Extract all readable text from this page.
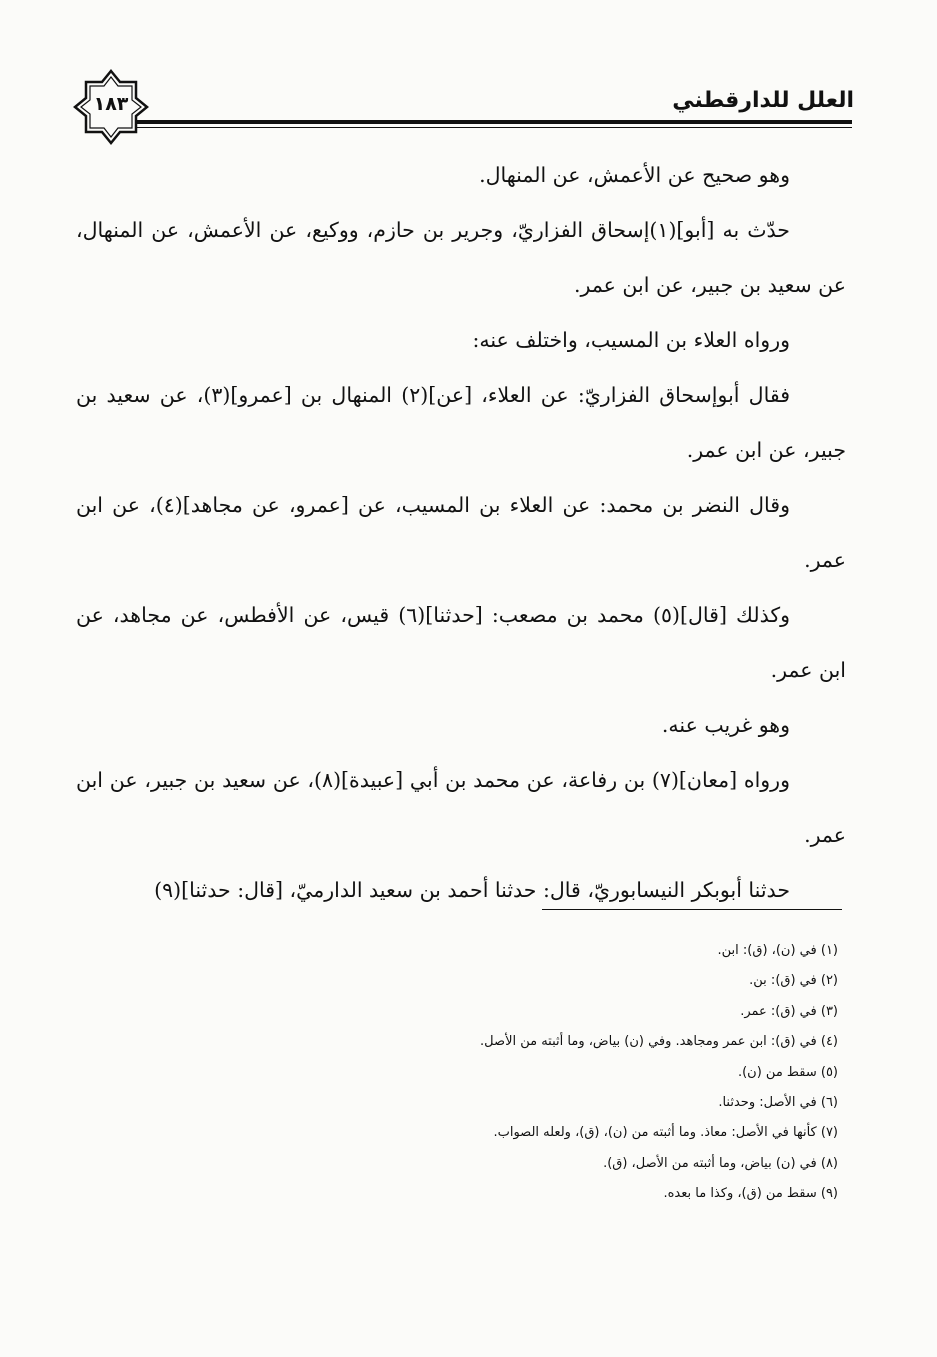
العلل للدارقطني
١٨٣
وهو صحيح عن الأعمش، عن المنهال.
حدّث به [أبو](١)إسحاق الفزاريّ، وجرير بن حازم، ووكيع، عن الأعمش، عن المنهال، عن سعيد بن جبير، عن ابن عمر.
ورواه العلاء بن المسيب، واختلف عنه:
فقال أبوإسحاق الفزاريّ: عن العلاء، [عن](٢) المنهال بن [عمرو](٣)، عن سعيد بن جبير، عن ابن عمر.
وقال النضر بن محمد: عن العلاء بن المسيب، عن [عمرو، عن مجاهد](٤)، عن ابن عمر.
وكذلك [قال](٥) محمد بن مصعب: [حدثنا](٦) قيس، عن الأفطس، عن مجاهد، عن ابن عمر.
وهو غريب عنه.
ورواه [معان](٧) بن رفاعة، عن محمد بن أبي [عبيدة](٨)، عن سعيد بن جبير، عن ابن عمر.
حدثنا أبوبكر النيسابوريّ، قال: حدثنا أحمد بن سعيد الدارميّ، [قال: حدثنا](٩)
(١) في (ن)، (ق): ابن.
(٢) في (ق): بن.
(٣) في (ق): عمر.
(٤) في (ق): ابن عمر ومجاهد. وفي (ن) بياض، وما أثبته من الأصل.
(٥) سقط من (ن).
(٦) في الأصل: وحدثنا.
(٧) كأنها في الأصل: معاذ. وما أثبته من (ن)، (ق)، ولعله الصواب.
(٨) في (ن) بياض، وما أثبته من الأصل، (ق).
(٩) سقط من (ق)، وكذا ما بعده.
